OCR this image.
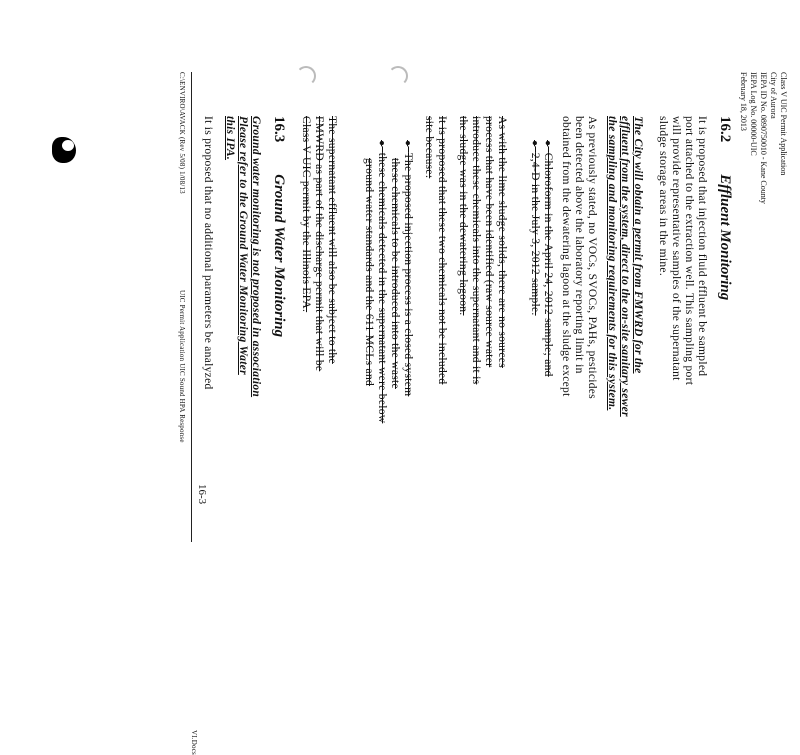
Class V UIC Permit Application
City of Aurora
IEPA ID No. 0890750010 - Kane County
IEPA Log No. 00000-UIC
February 18, 2013
16.2 Effluent Monitoring
It is proposed that injection fluid effluent be sampled
port attached to the extraction well. This sampling port
will provide representative samples of the supernatant
sludge storage areas in the mine.
The City will obtain a permit from FMWRD for the
effluent from the system, direct to the on-site sanitary sewer
the sampling and monitoring requirements for this system.
As previously stated, no VOCs, SVOCs, PAHs, pesticides
been detected above the laboratory reporting limit in
obtained from the dewatering lagoon at the sludge except
●  Chloroform in the April 24, 2012 sample; and
●  2,4-D in the July 3, 2012 sample.
As with the lime sludge solids, there are no sources
process that have been identified (raw source water
introduce these chemicals into the supernatant and it is
the sludge was in the dewatering lagoon.
It is proposed that these two chemicals not be included
site because:
●  The proposed injection process is a closed system
these chemicals to be introduced into the waste
●  these chemicals detected in the supernatant were below
ground water standards and the 611 MCLs and
The supernatant effluent will also be subject to the
FMWRD as part of the discharge permit that will be
Class V UIC permit by the Illinois EPA.
16.3 Ground Water Monitoring
Ground water monitoring is not proposed in association
Please refer to the Ground Water Monitoring Water
this IPA.
It is proposed that no additional parameters be analyzed
C:\ENVIRO\AVACK (Rev 5/08) 1/08/13
UIC Permit Application UIC Sound HPA Response
16-3
VI.Docs
